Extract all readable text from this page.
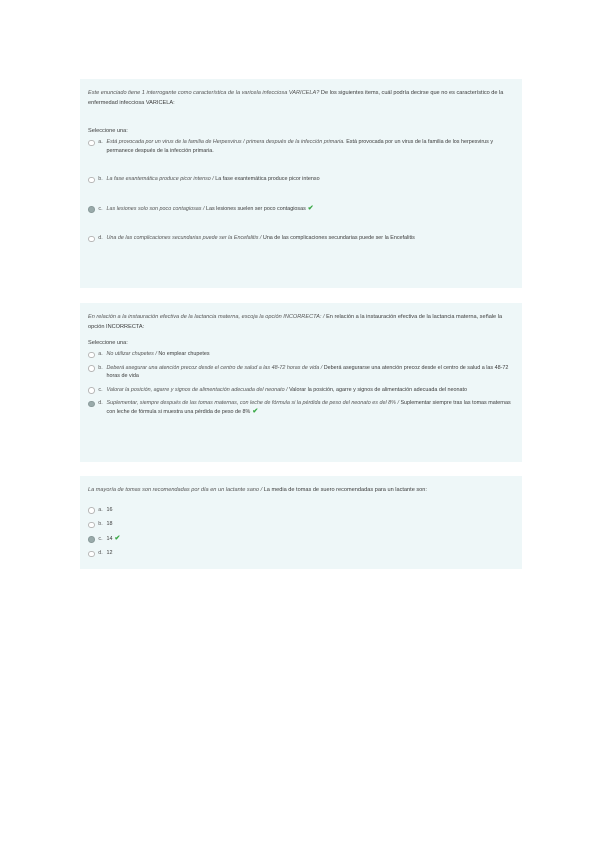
Este enunciado tiene 1 interrogante como característica de la varicela infecciosa VARICELA? De los siguientes items, cuál podría decirse que no es característico de la enfermedad infecciosa VARICELA:

Seleccione una:

a. Está provocada por un virus de la familia de Herpesvirus / primera después de la infección primaria. Está provocada por un virus de la familia de los herpesvirus y permanece después de la infección primaria.
b. La fase exantemática produce picor intenso / La fase exantemática produce picor intenso
c. Las lesiones solo son poco contagiosas / Las lesiones suelen ser poco contagiosas ✔
d. Una de las complicaciones secundarias puede ser la Encefalitis / Una de las complicaciones secundarias puede ser la Encefalitis

En relación a la instauración efectiva de la lactancia materna, escoja la opción INCORRECTA: / En relación a la instauración efectiva de la lactancia materna, señale la opción INCORRECTA:

Seleccione una:

a. No utilizar chupetes / No emplear chupetes
b. Deberá asegurar una atención precoz desde el centro de salud a las 48-72 horas de vida / Deberá asegurarse una atención precoz desde el centro de salud a las 48-72 horas de vida
c. Valorar la posición, agarre y signos de alimentación adecuada del neonato / Valorar la posición, agarre y signos de alimentación adecuada del neonato
d. Suplementar, siempre después de las tomas maternas, con leche de fórmula si la pérdida de peso del neonato es del 8% / Suplementar siempre tras las tomas maternas con leche de fórmula si muestra una pérdida de peso de 8% ✔

La mayoría de tomas son recomendadas por día en un lactante sano / La media de tomas de suero recomendadas para un lactante son:

a. 16
b. 18
c. 14 ✔
d. 12
